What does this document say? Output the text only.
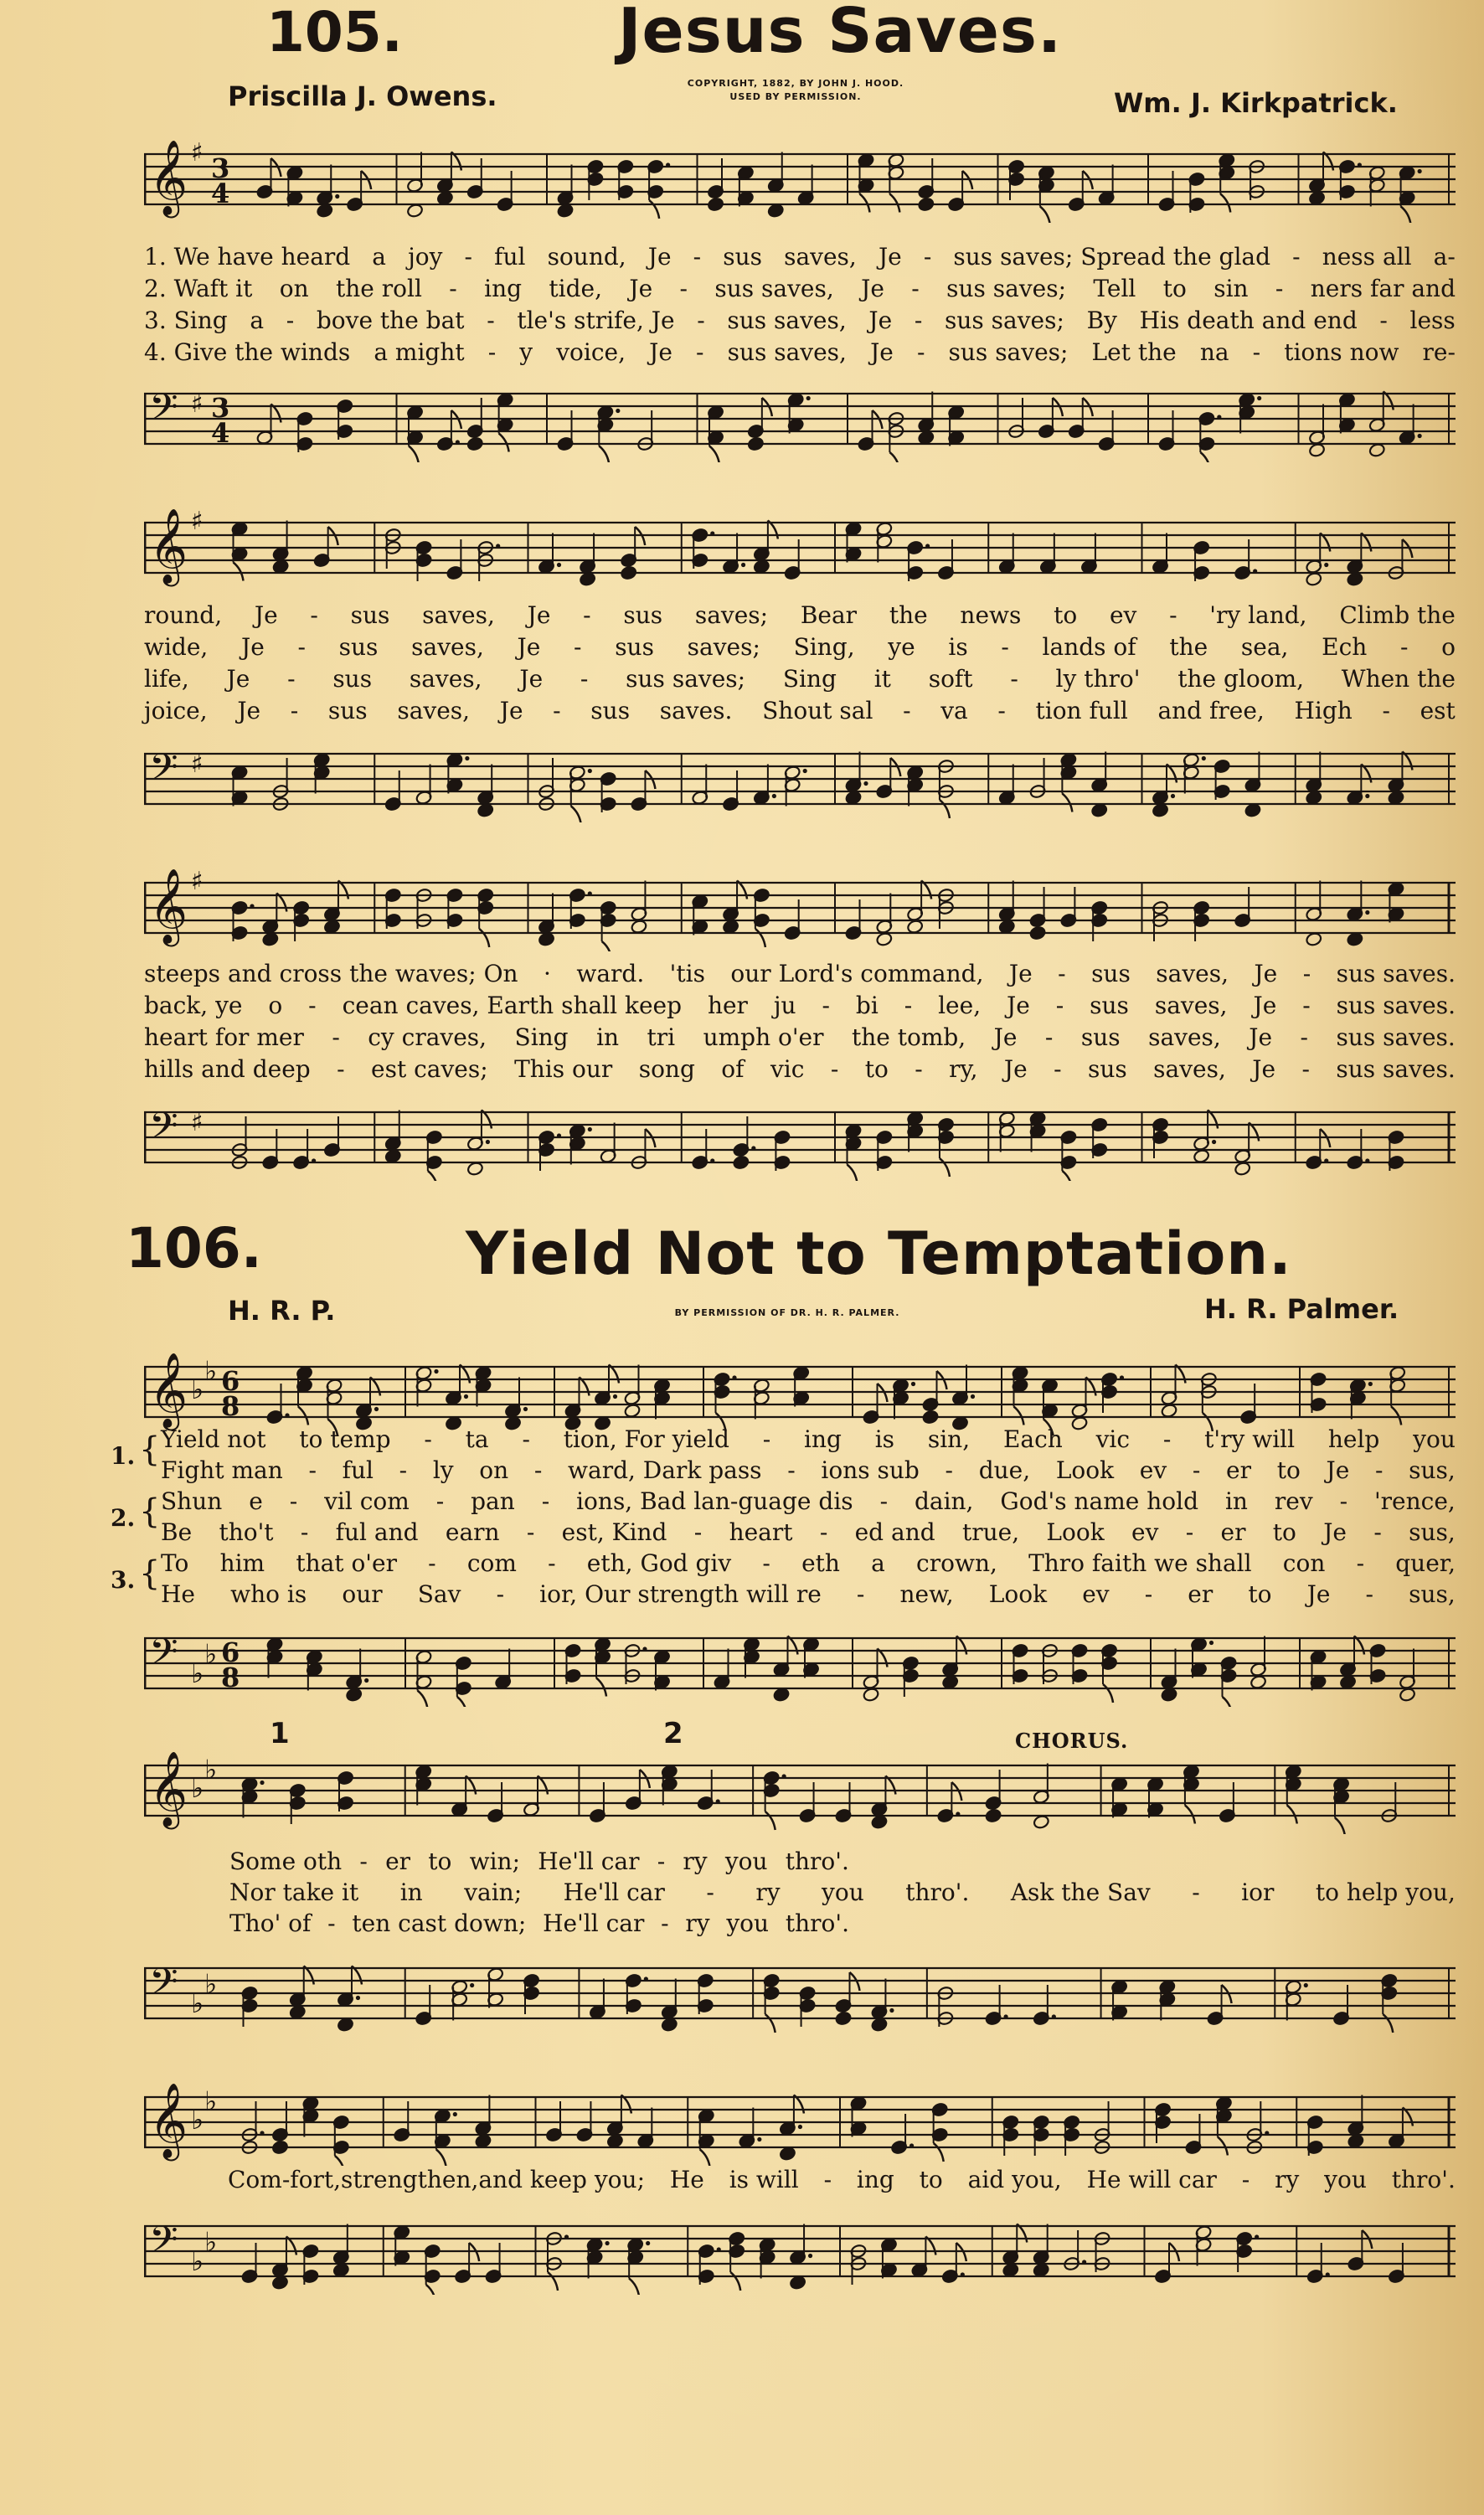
105.	Jesus Saves.
Priscilla J. Owens.	COPYRIGHT, 1882, BY JOHN J. HOOD.
USED BY PERMISSION.	Wm. J. Kirkpatrick.
𝄞 ♯ 3
4
1. We have heard a joy - ful sound, Je - sus saves, Je - sus saves; Spread the glad - ness all a-
2. Waft it on the roll - ing tide, Je - sus saves, Je - sus saves; Tell to sin - ners far and
3. Sing a - bove the bat - tle's strife, Je - sus saves, Je - sus saves; By His death and end - less
4. Give the winds a might - y voice, Je - sus saves, Je - sus saves; Let the na - tions now re-
𝄢 ♯ 3
4
𝄞 ♯
round, Je - sus saves, Je - sus saves; Bear the news to ev - 'ry land, Climb the
wide, Je - sus saves, Je - sus saves; Sing, ye is - lands of the sea, Ech - o
life, Je - sus saves, Je - sus saves; Sing it soft - ly thro' the gloom, When the
joice, Je - sus saves, Je - sus saves. Shout sal - va - tion full and free, High - est
𝄢 ♯
𝄞 ♯
steeps and cross the waves; On · ward. 'tis our Lord's command, Je - sus saves, Je - sus saves.
back, ye o - cean caves, Earth shall keep her ju - bi - lee, Je - sus saves, Je - sus saves.
heart for mer - cy craves, Sing in tri umph o'er the tomb, Je - sus saves, Je - sus saves.
hills and deep - est caves; This our song of vic - to - ry, Je - sus saves, Je - sus saves.
𝄢 ♯
106.	Yield Not to Temptation.
H. R. P.	BY PERMISSION OF DR. H. R. PALMER.	H. R. Palmer.
𝄞 ♭
♭ 6
8
1.
2.
3.
{
{
{
Yield not to temp - ta - tion, For yield - ing is sin, Each vic - t'ry will help you
Fight man - ful - ly on - ward, Dark pass - ions sub - due, Look ev - er to Je - sus,
Shun e - vil com - pan - ions, Bad lan-guage dis - dain, God's name hold in rev - 'rence,
Be tho't - ful and earn - est, Kind - heart - ed and true, Look ev - er to Je - sus,
To him that o'er - com - eth, God giv - eth a crown, Thro faith we shall con - quer,
He who is our Sav - ior, Our strength will re - new, Look ev - er to Je - sus,
𝄢 ♭
♭ 6
8
1	2	CHORUS.
𝄞 ♭
♭
Some oth - er to win; He'll car - ry you thro'.
Nor take it in vain; He'll car - ry you thro'. Ask the Sav - ior to help you,
Tho' of - ten cast down; He'll car - ry you thro'.
𝄢 ♭
♭
𝄞 ♭
♭
Com-fort,strengthen,and keep you; He is will - ing to aid you, He will car - ry you thro'.
𝄢 ♭
♭
